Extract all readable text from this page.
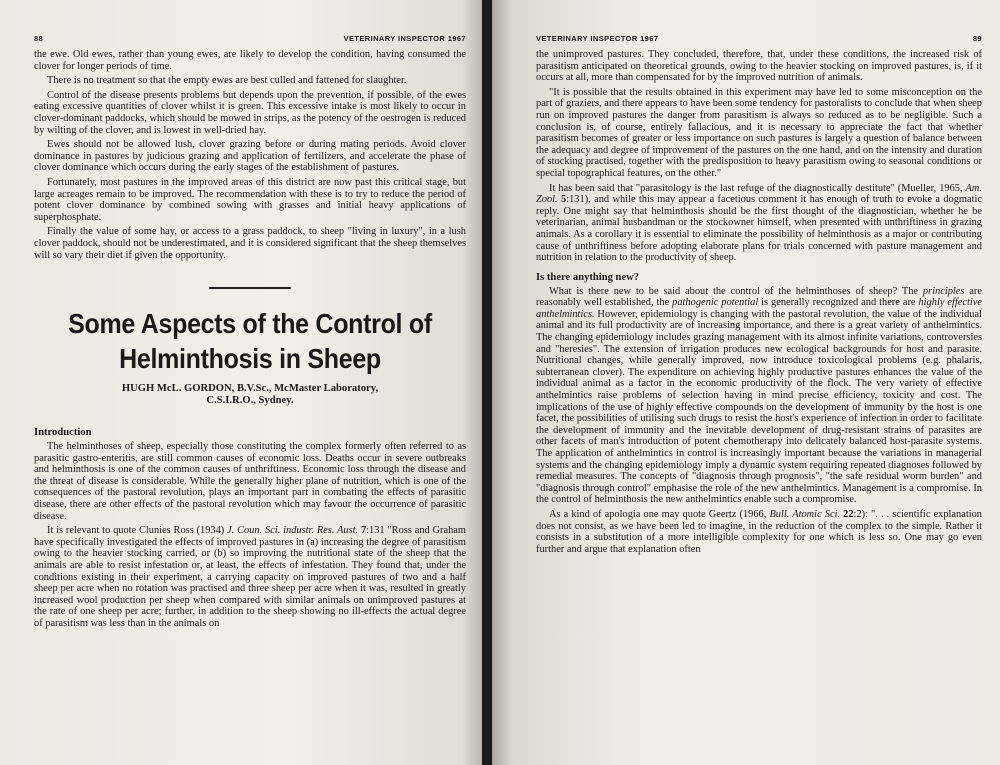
88	VETERINARY INSPECTOR 1967

the ewe. Old ewes, rather than young ewes, are likely to develop the condition, having consumed the clover for longer periods of time.

There is no treatment so that the empty ewes are best culled and fattened for slaughter.

Control of the disease presents problems but depends upon the prevention, if possible, of the ewes eating excessive quantities of clover whilst it is green. This excessive intake is most likely to occur in clover-dominant paddocks, which should be mowed in strips, as the potency of the oestrogen is reduced by wilting of the clover, and is lowest in well-dried hay.

Ewes should not be allowed lush, clover grazing before or during mating periods. Avoid clover dominance in pastures by judicious grazing and application of fertilizers, and accelerate the phase of clover dominance which occurs during the early stages of the establishment of pastures.

Fortunately, most pastures in the improved areas of this district are now past this critical stage, but large acreages remain to be improved. The recommendation with these is to try to reduce the period of potent clover dominance by combined sowing with grasses and initial heavy applications of superphosphate.

Finally the value of some hay, or access to a grass paddock, to sheep "living in luxury", in a lush clover paddock, should not be underestimated, and it is considered significant that the sheep themselves will so vary their diet if given the opportunity.

Some Aspects of the Control of
Helminthosis in Sheep
HUGH McL. GORDON, B.V.Sc., McMaster Laboratory,
C.S.I.R.O., Sydney.
Introduction

The helminthoses of sheep, especially those constituting the complex formerly often referred to as parasitic gastro-enteritis, are still common causes of economic loss. Deaths occur in severe outbreaks and helminthosis is one of the common causes of unthriftiness. Economic loss through the disease and the threat of disease is considerable. While the generally higher plane of nutrition, which is one of the consequences of the pastoral revolution, plays an important part in combating the effects of parasitic disease, there are other effects of the pastoral revolution which may favour the occurrence of parasitic disease.

It is relevant to quote Clunies Ross (1934) J. Coun. Sci. industr. Res. Aust. 7:131 "Ross and Graham have specifically investigated the effects of improved pastures in (a) increasing the degree of parasitism owing to the heavier stocking carried, or (b) so improving the nutritional state of the sheep that the animals are able to resist infestation or, at least, the effects of infestation. They found that, under the conditions existing in their experiment, a carrying capacity on improved pastures of two and a half sheep per acre when no rotation was practised and three sheep per acre when it was, resulted in greatly increased wool production per sheep when compared with similar animals on unimproved pastures at the rate of one sheep per acre; further, in addition to the sheep showing no ill-effects the actual degree of parasitism was less than in the animals on

VETERINARY INSPECTOR 1967	89

the unimproved pastures. They concluded, therefore, that, under these conditions, the increased risk of parasitism anticipated on theoretical grounds, owing to the heavier stocking on improved pastures, is, if it occurs at all, more than compensated for by the improved nutrition of animals.

"It is possible that the results obtained in this experiment may have led to some misconception on the part of graziers, and there appears to have been some tendency for pastoralists to conclude that when sheep run on improved pastures the danger from parasitism is always so reduced as to be negligible. Such a conclusion is, of course, entirely fallacious, and it is necessary to appreciate the fact that whether parasitism becomes of greater or less importance on such pastures is largely a question of balance between the adequacy and degree of improvement of the pastures on the one hand, and on the intensity and duration of stocking practised, together with the predisposition to heavy parasitism owing to seasonal conditions or special topographical features, on the other."

It has been said that "parasitology is the last refuge of the diagnostically destitute" (Mueller, 1965, Am. Zool. 5:131), and while this may appear a facetious comment it has enough of truth to evoke a dogmatic reply. One might say that helminthosis should be the first thought of the diagnostician, whether he be veterinarian, animal husbandman or the stockowner himself, when presented with unthriftiness in grazing animals. As a corollary it is essential to eliminate the possibility of helminthosis as a major or contributing cause of unthriftiness before adopting elaborate plans for trials concerned with pasture management and nutrition in relation to the productivity of sheep.

Is there anything new?

What is there new to be said about the control of the helminthoses of sheep? The principles are reasonably well established, the pathogenic potential is generally recognized and there are highly effective anthelmintics. However, epidemiology is changing with the pastoral revolution, the value of the individual animal and its full productivity are of increasing importance, and there is a great variety of anthelmintics. The changing epidemiology includes grazing management with its almost infinite variations, controversies and "heresies". The extension of irrigation produces new ecological backgrounds for host and parasite. Nutritional changes, while generally improved, now introduce toxicological problems (e.g. phalaris, subterranean clover). The expenditure on achieving highly productive pastures enhances the value of the individual animal as a factor in the economic productivity of the flock. The very variety of effective anthelmintics raise problems of selection having in mind precise efficiency, toxicity and cost. The implications of the use of highly effective compounds on the development of immunity by the host is one facet, the possibilities of utilising such drugs to resist the host's experience of infection in order to facilitate the development of immunity and the inevitable development of drug-resistant strains of parasites are other facets of man's introduction of potent chemotherapy into delicately balanced host-parasite systems. The application of anthelmintics in control is increasingly important because the variations in managerial systems and the changing epidemiology imply a dynamic system requiring repeated diagnoses followed by remedial measures. The concepts of "diagnosis through prognosis", "the safe residual worm burden" and "diagnosis through control" emphasise the role of the new anthelmintics. Management is a compromise. In the control of helminthosis the new anthelmintics enable such a compromise.

As a kind of apologia one may quote Geertz (1966, Bull. Atomic Sci. 22:2): ". . . scientific explanation does not consist, as we have been led to imagine, in the reduction of the complex to the simple. Rather it consists in a substitution of a more intelligible complexity for one which is less so. One may go even further and argue that explanation often
